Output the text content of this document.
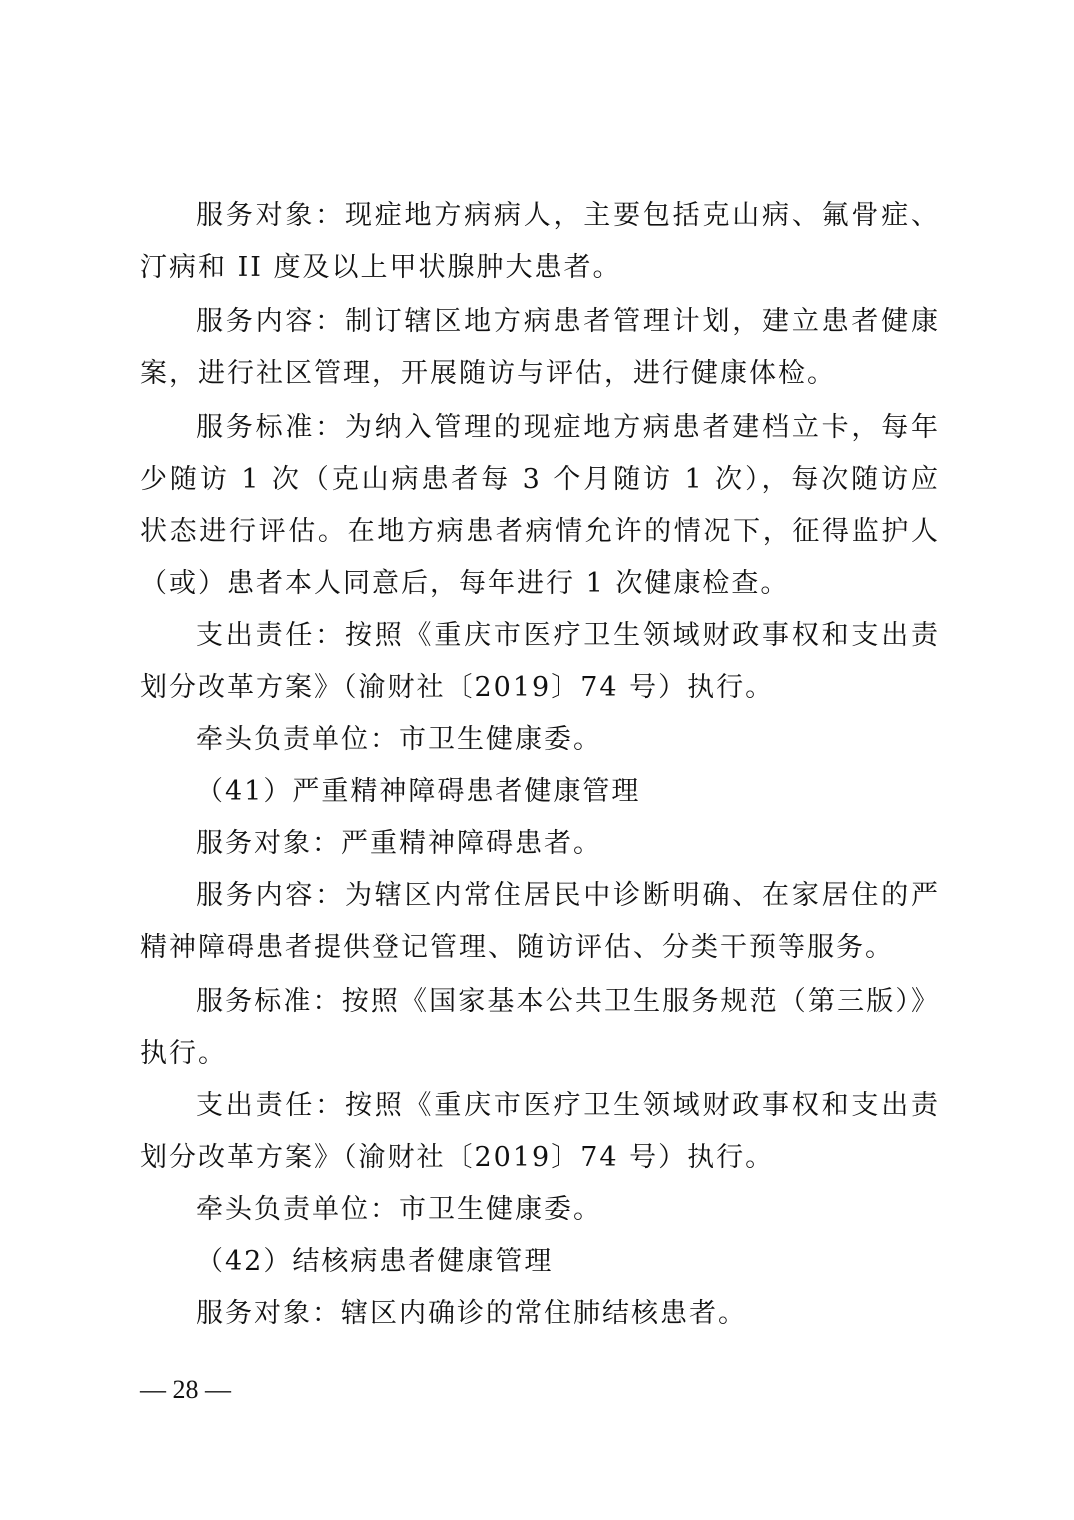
服务对象：现症地方病病人，主要包括克山病、氟骨症、
汀病和 II 度及以上甲状腺肿大患者。
服务内容：制订辖区地方病患者管理计划，建立患者健康
案，进行社区管理，开展随访与评估，进行健康体检。
服务标准：为纳入管理的现症地方病患者建档立卡，每年
少随访 1 次（克山病患者每 3 个月随访 1 次），每次随访应
状态进行评估。在地方病患者病情允许的情况下，征得监护人
（或）患者本人同意后，每年进行 1 次健康检查。
支出责任：按照《重庆市医疗卫生领域财政事权和支出责
划分改革方案》（渝财社〔2019〕74 号）执行。
牵头负责单位：市卫生健康委。
（41）严重精神障碍患者健康管理
服务对象：严重精神障碍患者。
服务内容：为辖区内常住居民中诊断明确、在家居住的严
精神障碍患者提供登记管理、随访评估、分类干预等服务。
服务标准：按照《国家基本公共卫生服务规范（第三版）》
执行。
支出责任：按照《重庆市医疗卫生领域财政事权和支出责
划分改革方案》（渝财社〔2019〕74 号）执行。
牵头负责单位：市卫生健康委。
（42）结核病患者健康管理
服务对象：辖区内确诊的常住肺结核患者。
— 28 —
